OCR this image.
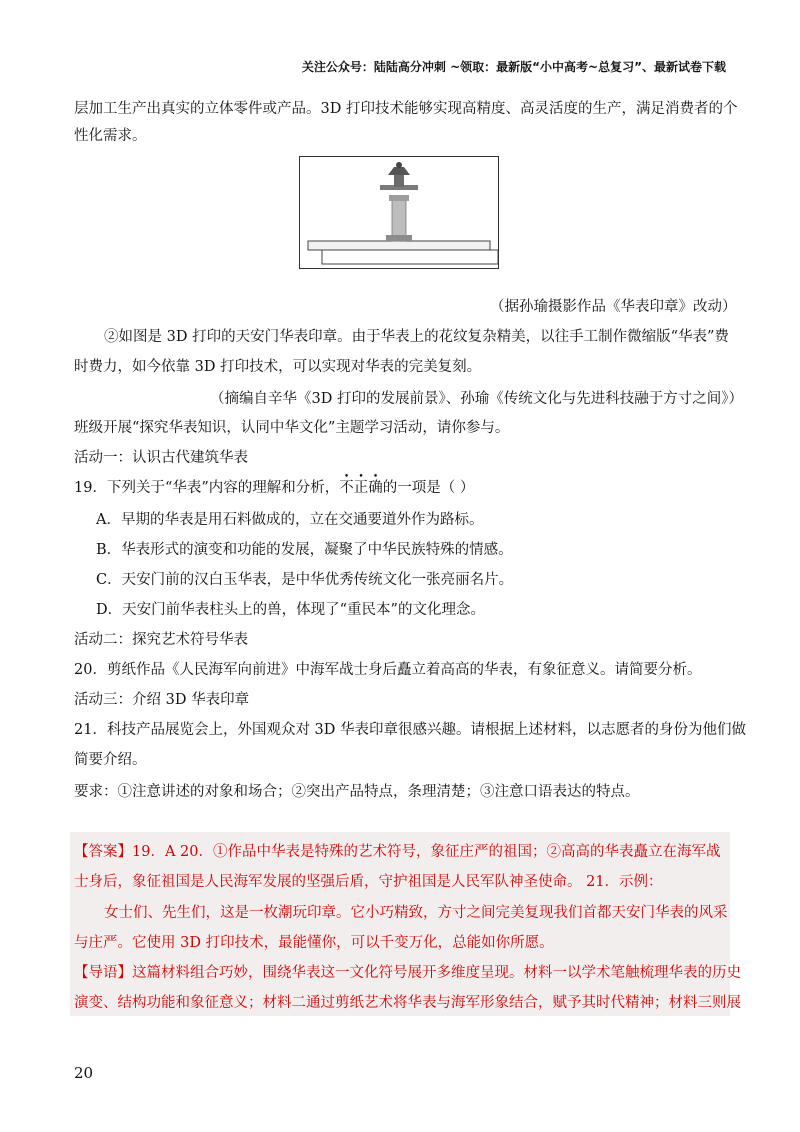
关注公众号：陆陆高分冲刺 ~领取：最新版“小中高考~总复习”、最新试卷下载
层加工生产出真实的立体零件或产品。3D 打印技术能够实现高精度、高灵活度的生产，满足消费者的个
性化需求。
（据孙瑜摄影作品《华表印章》改动）
②如图是 3D 打印的天安门华表印章。由于华表上的花纹复杂精美，以往手工制作微缩版“华表”费
时费力，如今依靠 3D 打印技术，可以实现对华表的完美复刻。
（摘编自辛华《3D 打印的发展前景》、孙瑜《传统文化与先进科技融于方寸之间》）
班级开展“探究华表知识，认同中华文化”主题学习活动，请你参与。
活动一：认识古代建筑华表
19．下列关于“华表”内容的理解和分析，不正确的一项是（ ）
A．早期的华表是用石料做成的，立在交通要道外作为路标。
B．华表形式的演变和功能的发展，凝聚了中华民族特殊的情感。
C．天安门前的汉白玉华表，是中华优秀传统文化一张亮丽名片。
D．天安门前华表柱头上的兽，体现了“重民本”的文化理念。
活动二：探究艺术符号华表
20．剪纸作品《人民海军向前进》中海军战士身后矗立着高高的华表，有象征意义。请简要分析。
活动三：介绍 3D 华表印章
21．科技产品展览会上，外国观众对 3D 华表印章很感兴趣。请根据上述材料，以志愿者的身份为他们做
简要介绍。
要求：①注意讲述的对象和场合；②突出产品特点，条理清楚；③注意口语表达的特点。
【答案】19．A 20．①作品中华表是特殊的艺术符号，象征庄严的祖国；②高高的华表矗立在海军战
士身后，象征祖国是人民海军发展的坚强后盾，守护祖国是人民军队神圣使命。 21．示例：
女士们、先生们，这是一枚潮玩印章。它小巧精致，方寸之间完美复现我们首都天安门华表的风采
与庄严。它使用 3D 打印技术，最能懂你，可以千变万化，总能如你所愿。
【导语】这篇材料组合巧妙，围绕华表这一文化符号展开多维度呈现。材料一以学术笔触梳理华表的历史
演变、结构功能和象征意义；材料二通过剪纸艺术将华表与海军形象结合，赋予其时代精神；材料三则展
20
